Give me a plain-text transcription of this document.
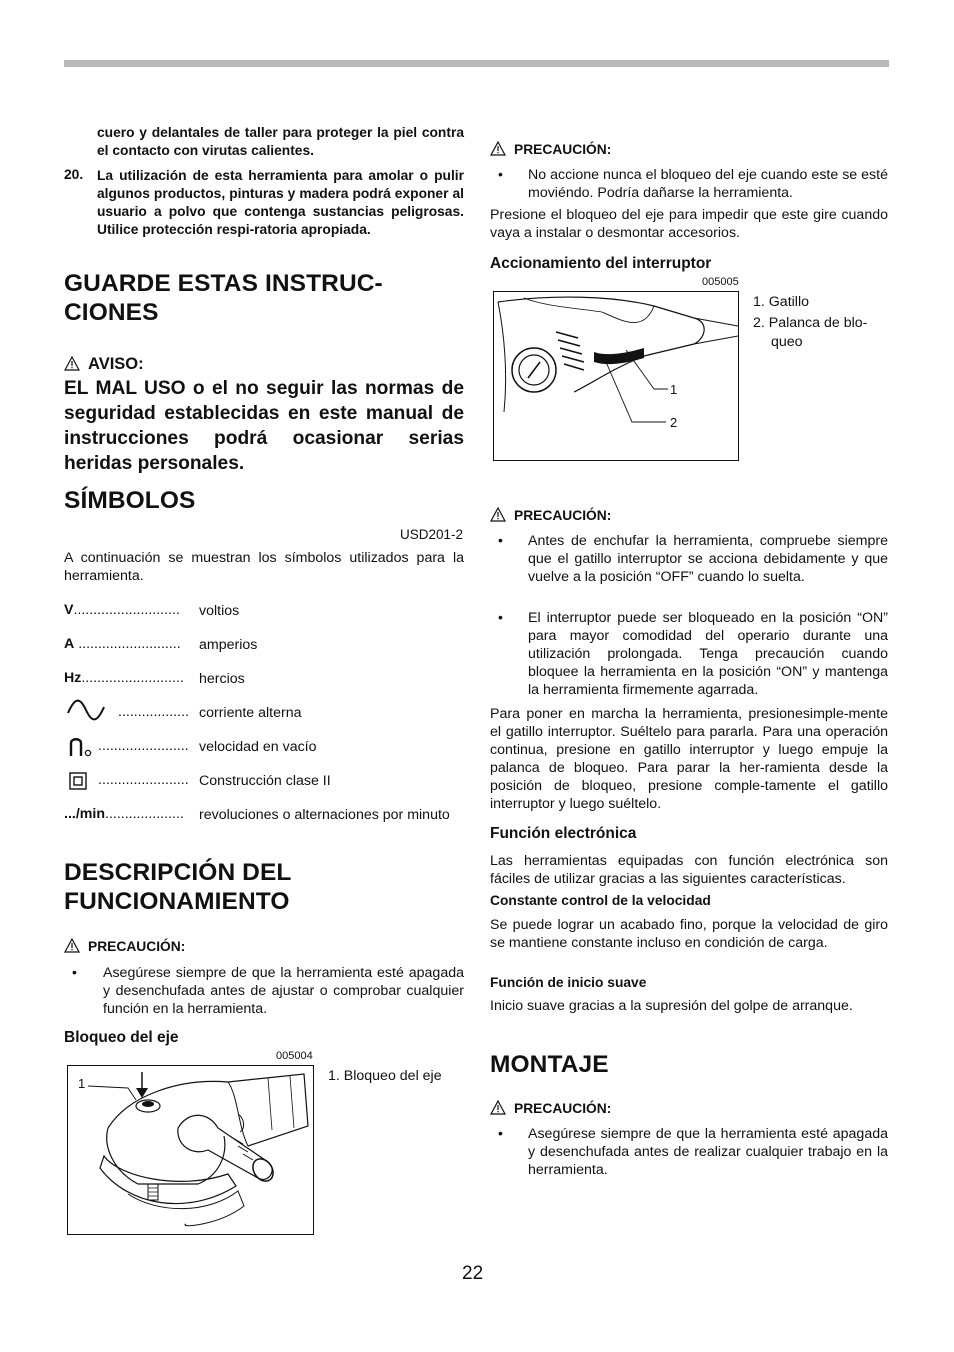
cuero y delantales de taller para proteger la piel contra el contacto con virutas calientes.

20. La utilización de esta herramienta para amolar o pulir algunos productos, pinturas y madera podrá exponer al usuario a polvo que contenga sustancias peligrosas. Utilice protección respi-ratoria apropiada.

GUARDE ESTAS INSTRUC-
CIONES
AVISO:

EL MAL USO o el no seguir las normas de seguridad establecidas en este manual de instrucciones podrá ocasionar serias heridas personales.

SÍMBOLOS
USD201-2

A continuación se muestran los símbolos utilizados para la herramienta.

V........................... voltios
A .......................... amperios
Hz.......................... hercios
.................. corriente alterna
....................... velocidad en vacío
....................... Construcción clase II
.../min.................... revoluciones o alternaciones por minuto
DESCRIPCIÓN DEL
FUNCIONAMIENTO
PRECAUCIÓN:
• Asegúrese siempre de que la herramienta esté apagada y desenchufada antes de ajustar o comprobar cualquier función en la herramienta.

Bloqueo del eje
005004
1	1. Bloqueo del eje
PRECAUCIÓN:
• No accione nunca el bloqueo del eje cuando este se esté moviéndo. Podría dañarse la herramienta.

Presione el bloqueo del eje para impedir que este gire cuando vaya a instalar o desmontar accesorios.

Accionamiento del interruptor
005005
1
2
1. Gatillo
2. Palanca de blo-
queo
PRECAUCIÓN:
• Antes de enchufar la herramienta, compruebe siempre que el gatillo interruptor se acciona debidamente y que vuelve a la posición “OFF” cuando lo suelta.

• El interruptor puede ser bloqueado en la posición “ON” para mayor comodidad del operario durante una utilización prolongada. Tenga precaución cuando bloquee la herramienta en la posición “ON” y mantenga la herramienta firmemente agarrada.

Para poner en marcha la herramienta, presionesimple-mente el gatillo interruptor. Suéltelo para pararla. Para una operación continua, presione en gatillo interruptor y luego empuje la palanca de bloqueo. Para parar la her-ramienta desde la posición de bloqueo, presione comple-tamente el gatillo interruptor y luego suéltelo.

Función electrónica

Las herramientas equipadas con función electrónica son fáciles de utilizar gracias a las siguientes características.

Constante control de la velocidad

Se puede lograr un acabado fino, porque la velocidad de giro se mantiene constante incluso en condición de carga.

Función de inicio suave

Inicio suave gracias a la supresión del golpe de arranque.

MONTAJE
PRECAUCIÓN:
• Asegúrese siempre de que la herramienta esté apagada y desenchufada antes de realizar cualquier trabajo en la herramienta.

22
